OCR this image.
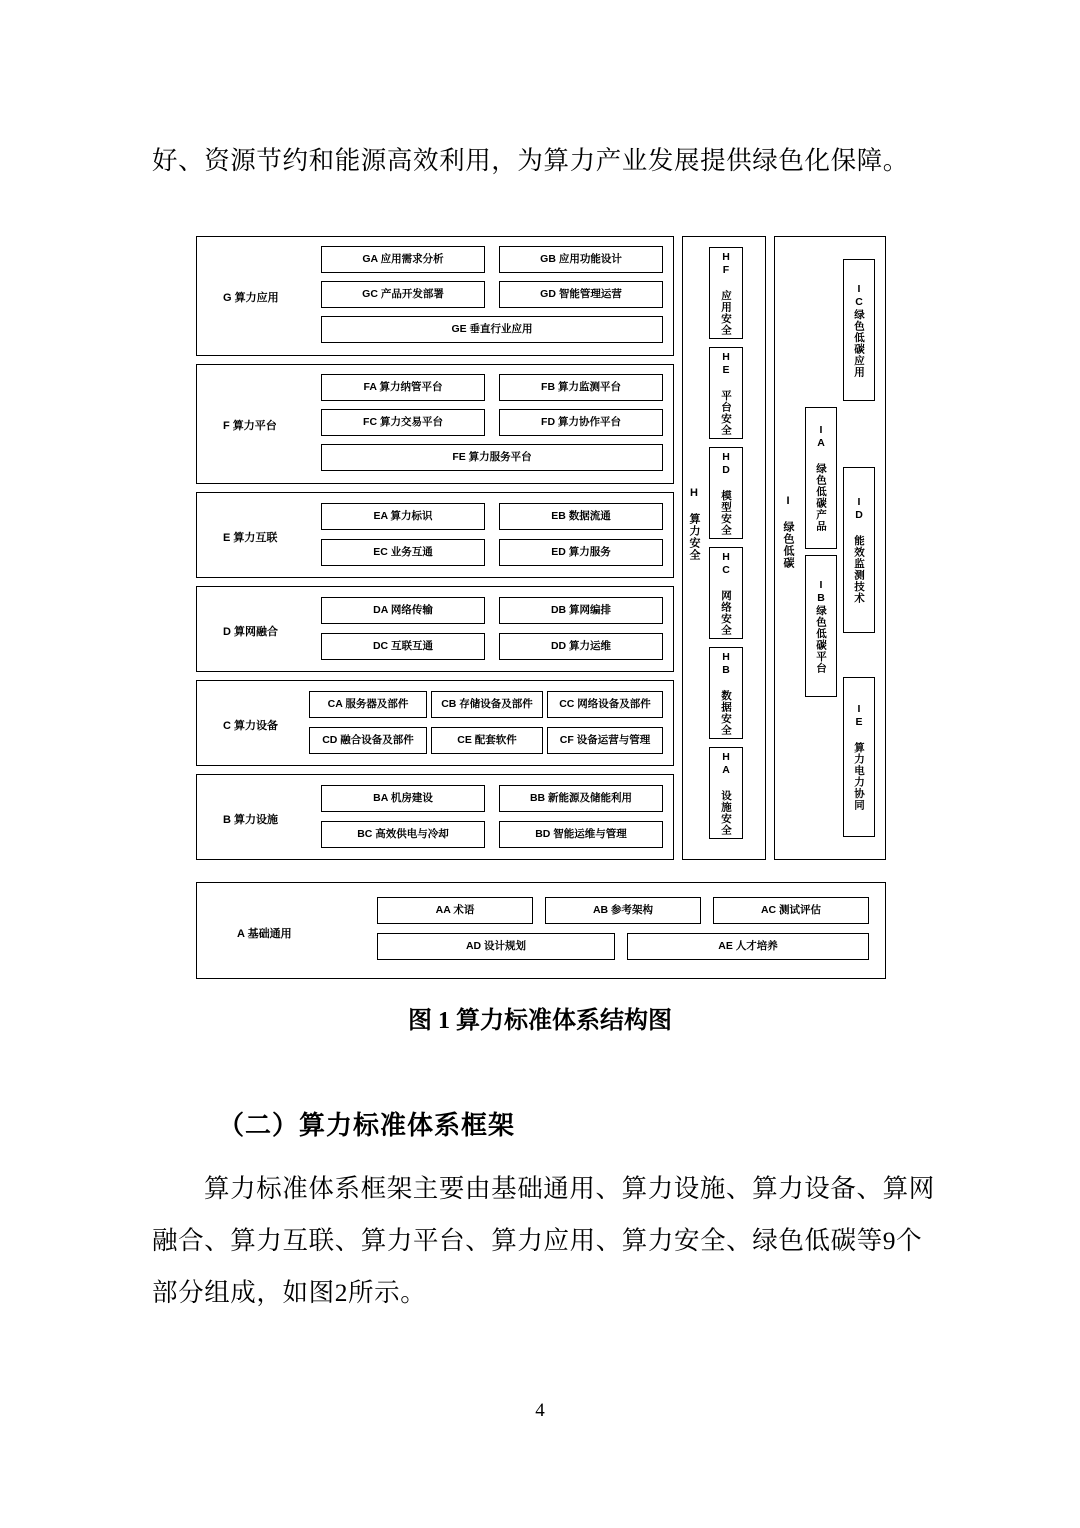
好、资源节约和能源高效利用，为算力产业发展提供绿色化保障。
G 算力应用
GA 应用需求分析	GB 应用功能设计
GC 产品开发部署	GD 智能管理运营
GE 垂直行业应用
F 算力平台
FA 算力纳管平台	FB 算力监测平台
FC 算力交易平台	FD 算力协作平台
FE 算力服务平台
E 算力互联
EA 算力标识	EB 数据流通
EC 业务互通	ED 算力服务
D 算网融合
DA 网络传输	DB 算网编排
DC 互联互通	DD 算力运维
C 算力设备
CA 服务器及部件	CB 存储设备及部件	CC 网络设备及部件
CD 融合设备及部件	CE 配套软件	CF 设备运营与管理
B 算力设施
BA 机房建设	BB 新能源及储能利用
BC 高效供电与冷却	BD 智能运维与管理
A 基础通用
AA 术语	AB 参考架构	AC 测试评估
AD 设计规划	AE 人才培养
HF 应用安全
HE 平台安全
HD 模型安全
HC 网络安全
HB 数据安全
HA 设施安全
H 算力安全	I 绿色低碳
IC绿色低碳应用
IA 绿色低碳产品
IB绿色低碳平台
ID 能效监测技术
IE 算力电力协同
图 1 算力标准体系结构图
（二）算力标准体系框架
算力标准体系框架主要由基础通用、算力设施、算力设备、算网融合、算力互联、算力平台、算力应用、算力安全、绿色低碳等9个部分组成，如图2所示。
4
